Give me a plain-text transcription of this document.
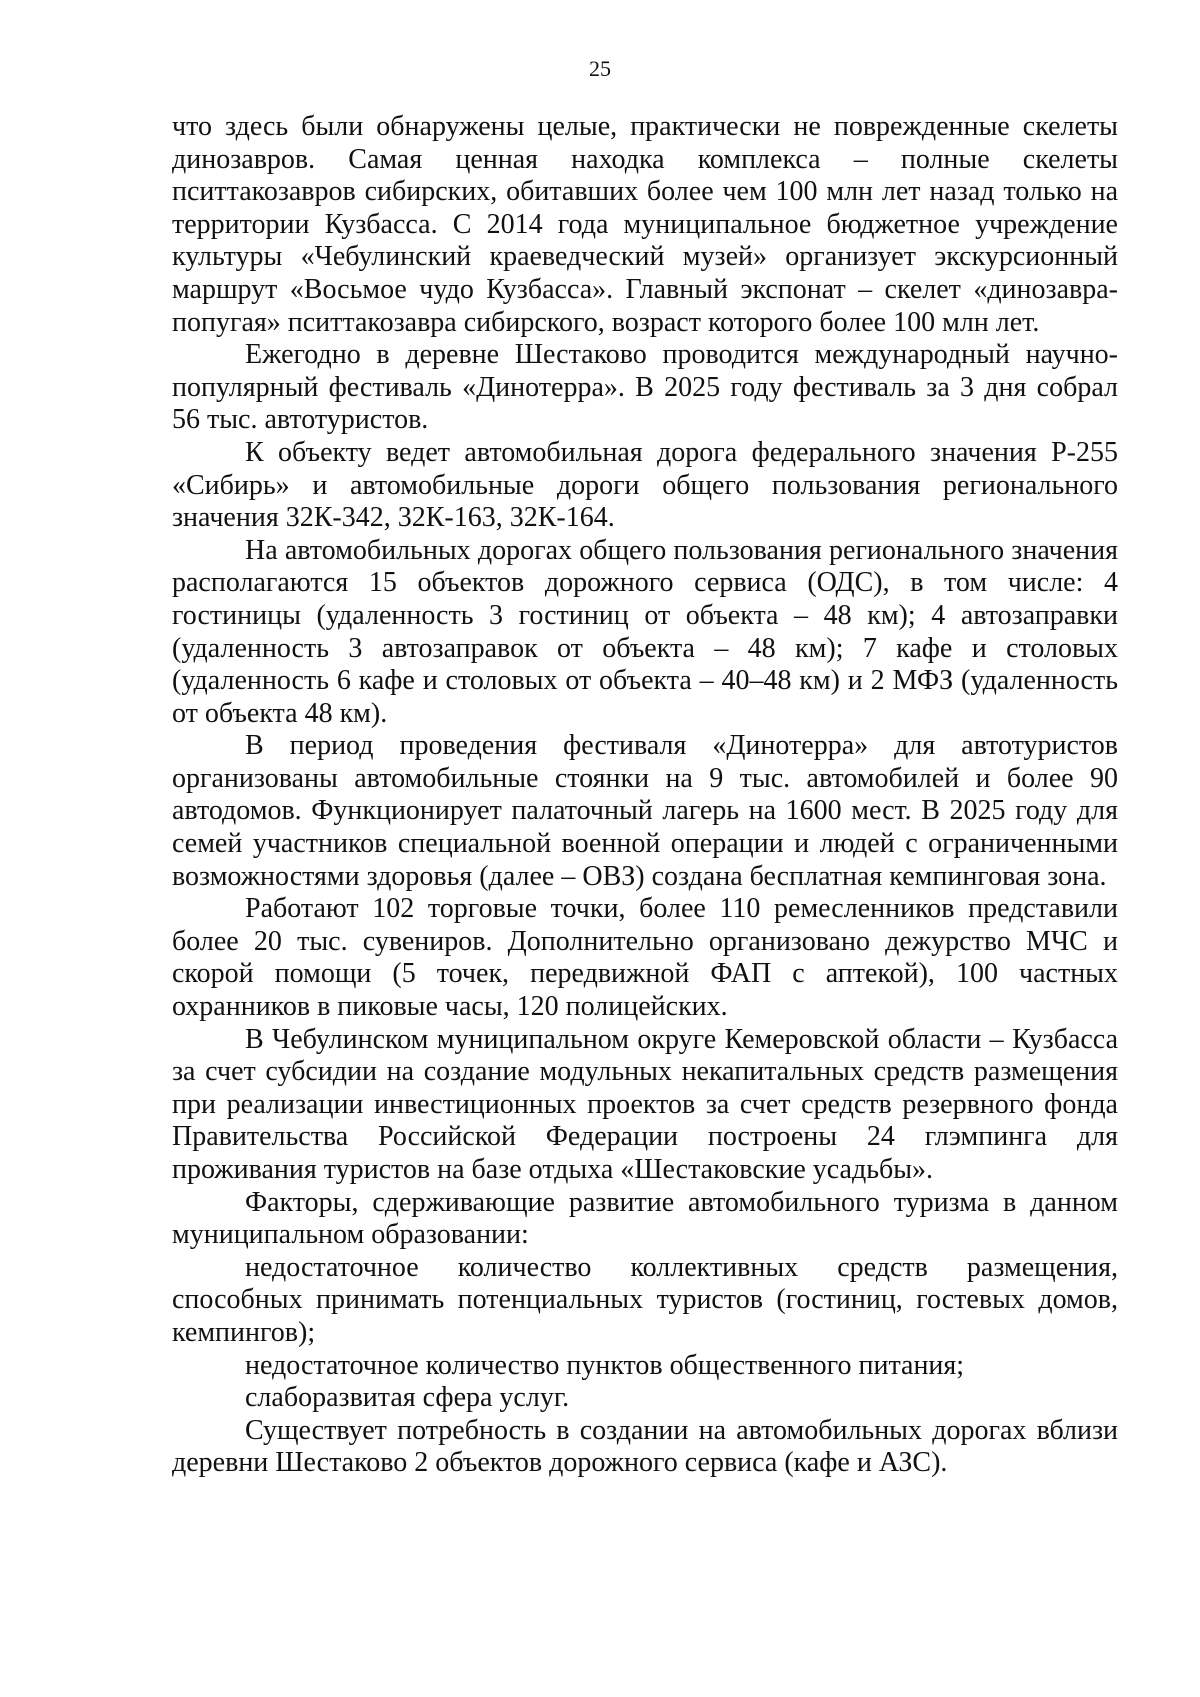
25

что здесь были обнаружены целые, практически не поврежденные скелеты динозавров. Самая ценная находка комплекса – полные скелеты пситтакозавров сибирских, обитавших более чем 100 млн лет назад только на территории Кузбасса. С 2014 года муниципальное бюджетное учреждение культуры «Чебулинский краеведческий музей» организует экскурсионный маршрут «Восьмое чудо Кузбасса». Главный экспонат – скелет «динозавра-попугая» пситтакозавра сибирского, возраст которого более 100 млн лет.

Ежегодно в деревне Шестаково проводится международный научно-популярный фестиваль «Динотерра». В 2025 году фестиваль за 3 дня собрал 56 тыс. автотуристов.

К объекту ведет автомобильная дорога федерального значения Р-255 «Сибирь» и автомобильные дороги общего пользования регионального значения 32К-342, 32К-163, 32К-164.

На автомобильных дорогах общего пользования регионального значения располагаются 15 объектов дорожного сервиса (ОДС), в том числе: 4 гостиницы (удаленность 3 гостиниц от объекта – 48 км); 4 автозаправки (удаленность 3 автозаправок от объекта – 48 км); 7 кафе и столовых (удаленность 6 кафе и столовых от объекта – 40–48 км) и 2 МФЗ (удаленность от объекта 48 км).

В период проведения фестиваля «Динотерра» для автотуристов организованы автомобильные стоянки на 9 тыс. автомобилей и более 90 автодомов. Функционирует палаточный лагерь на 1600 мест. В 2025 году для семей участников специальной военной операции и людей с ограниченными возможностями здоровья (далее – ОВЗ) создана бесплатная кемпинговая зона.

Работают 102 торговые точки, более 110 ремесленников представили более 20 тыс. сувениров. Дополнительно организовано дежурство МЧС и скорой помощи (5 точек, передвижной ФАП с аптекой), 100 частных охранников в пиковые часы, 120 полицейских.

В Чебулинском муниципальном округе Кемеровской области – Кузбасса за счет субсидии на создание модульных некапитальных средств размещения при реализации инвестиционных проектов за счет средств резервного фонда Правительства Российской Федерации построены 24 глэмпинга для проживания туристов на базе отдыха «Шестаковские усадьбы».

Факторы, сдерживающие развитие автомобильного туризма в данном муниципальном образовании:

недостаточное количество коллективных средств размещения, способных принимать потенциальных туристов (гостиниц, гостевых домов, кемпингов);

недостаточное количество пунктов общественного питания;

слаборазвитая сфера услуг.

Существует потребность в создании на автомобильных дорогах вблизи деревни Шестаково 2 объектов дорожного сервиса (кафе и АЗС).
